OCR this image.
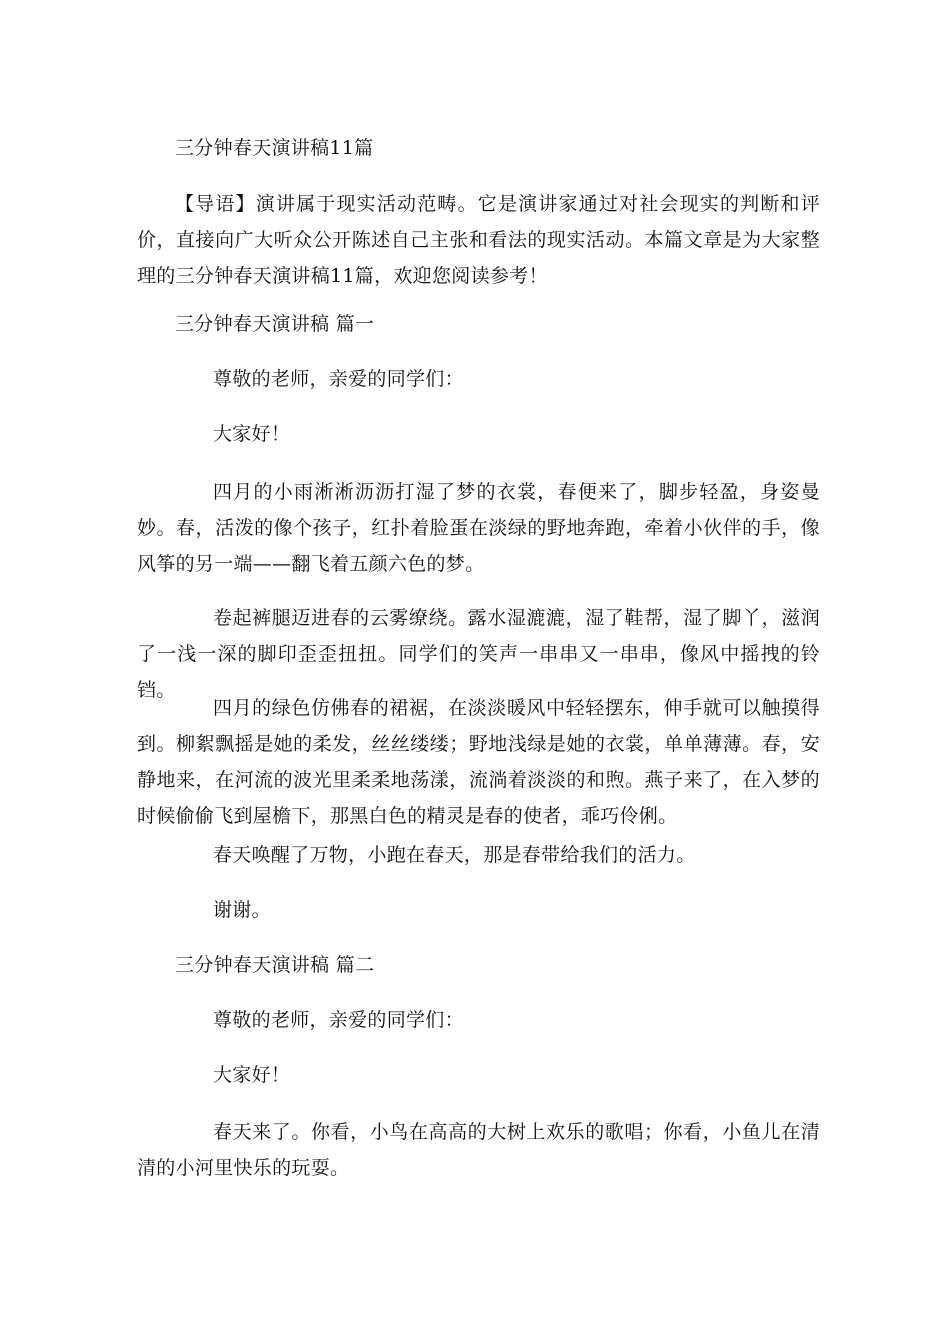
三分钟春天演讲稿11篇
【导语】演讲属于现实活动范畴。它是演讲家通过对社会现实的判断和评价，直接向广大听众公开陈述自己主张和看法的现实活动。本篇文章是为大家整理的三分钟春天演讲稿11篇，欢迎您阅读参考！
三分钟春天演讲稿 篇一
尊敬的老师，亲爱的同学们：
大家好！
四月的小雨淅淅沥沥打湿了梦的衣裳，春便来了，脚步轻盈，身姿曼妙。春，活泼的像个孩子，红扑着脸蛋在淡绿的野地奔跑，牵着小伙伴的手，像风筝的另一端——翻飞着五颜六色的梦。
卷起裤腿迈进春的云雾缭绕。露水湿漉漉，湿了鞋帮，湿了脚丫，滋润了一浅一深的脚印歪歪扭扭。同学们的笑声一串串又一串串，像风中摇拽的铃铛。
四月的绿色仿佛春的裙裾，在淡淡暖风中轻轻摆东，伸手就可以触摸得到。柳絮飘摇是她的柔发，丝丝缕缕；野地浅绿是她的衣裳，单单薄薄。春，安静地来，在河流的波光里柔柔地荡漾，流淌着淡淡的和煦。燕子来了，在入梦的时候偷偷飞到屋檐下，那黑白色的精灵是春的使者，乖巧伶俐。
春天唤醒了万物，小跑在春天，那是春带给我们的活力。
谢谢。
三分钟春天演讲稿 篇二
尊敬的老师，亲爱的同学们：
大家好！
春天来了。你看，小鸟在高高的大树上欢乐的歌唱；你看，小鱼儿在清清的小河里快乐的玩耍。
